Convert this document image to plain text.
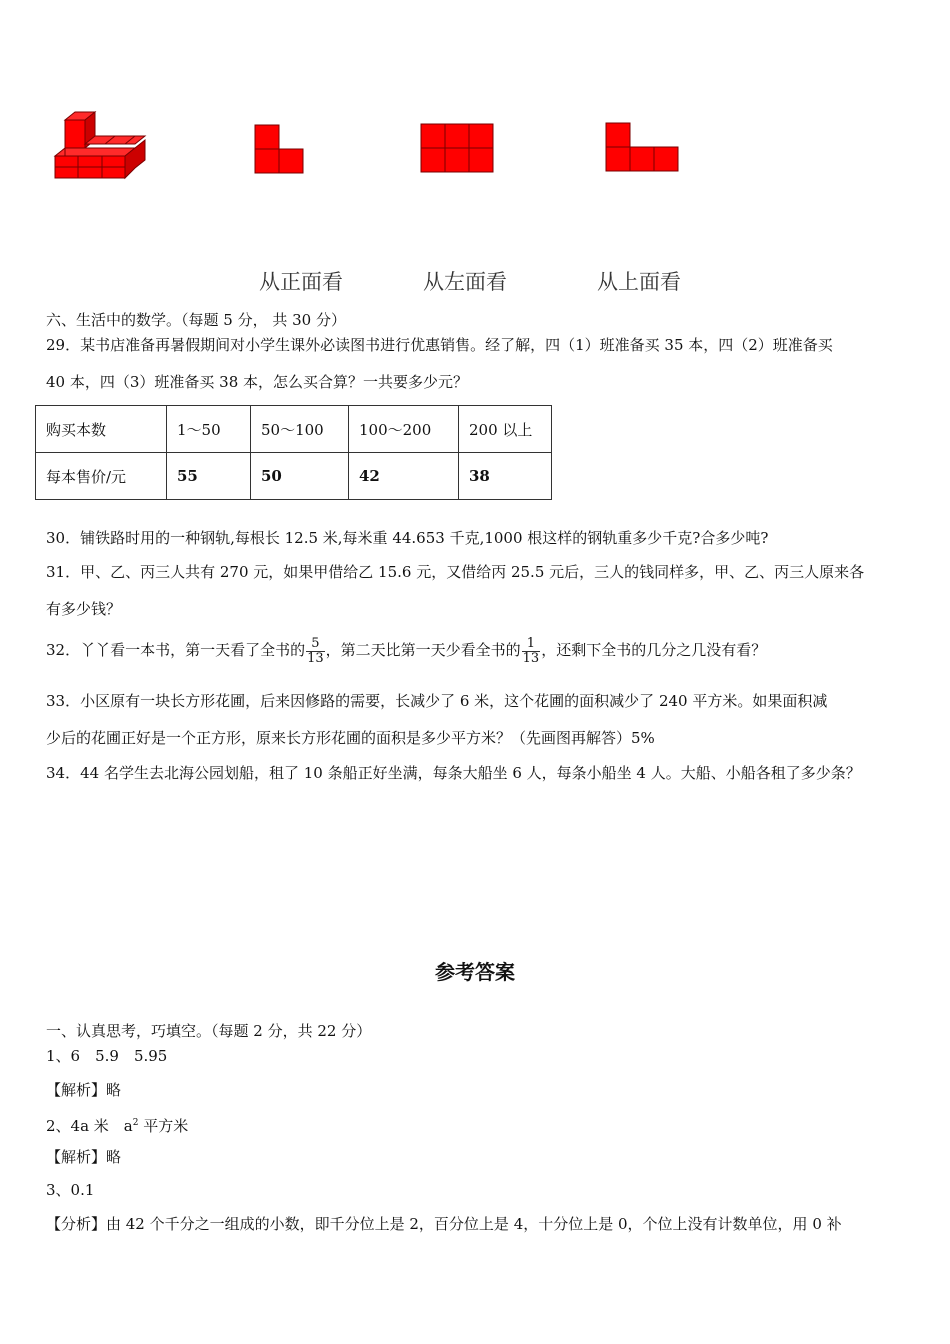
从正面看	从左面看	从上面看
六、生活中的数学。（每题 5 分， 共 30 分）
29．某书店准备再暑假期间对小学生课外必读图书进行优惠销售。经了解，四（1）班准备买 35 本，四（2）班准备买
40 本，四（3）班准备买 38 本，怎么买合算？一共要多少元？
购买本数	1～50	50～100	100～200	200 以上
每本售价/元	55	50	42	38
30．铺铁路时用的一种钢轨,每根长 12.5 米,每米重 44.653 千克,1000 根这样的钢轨重多少千克?合多少吨?
31．甲、乙、丙三人共有 270 元，如果甲借给乙 15.6 元，又借给丙 25.5 元后，三人的钱同样多，甲、乙、丙三人原来各
有多少钱？
32．丫丫看一本书，第一天看了全书的 $\frac{5}{13}$ ，第二天比第一天少看全书的 $\frac{1}{13}$ ，还剩下全书的几分之几没有看？
33．小区原有一块长方形花圃，后来因修路的需要，长减少了 6 米，这个花圃的面积减少了 240 平方米。如果面积减
少后的花圃正好是一个正方形，原来长方形花圃的面积是多少平方米？（先画图再解答）5%
34．44 名学生去北海公园划船，租了 10 条船正好坐满，每条大船坐 6 人，每条小船坐 4 人。大船、小船各租了多少条？
参考答案
一、认真思考，巧填空。（每题 2 分，共 22 分）
1、6　5.9　5.95
【解析】略
2、4a 米　$a^2$ 平方米
【解析】略
3、0.1
【分析】由 42 个千分之一组成的小数，即千分位上是 2，百分位上是 4，十分位上是 0，个位上没有计数单位，用 0 补
